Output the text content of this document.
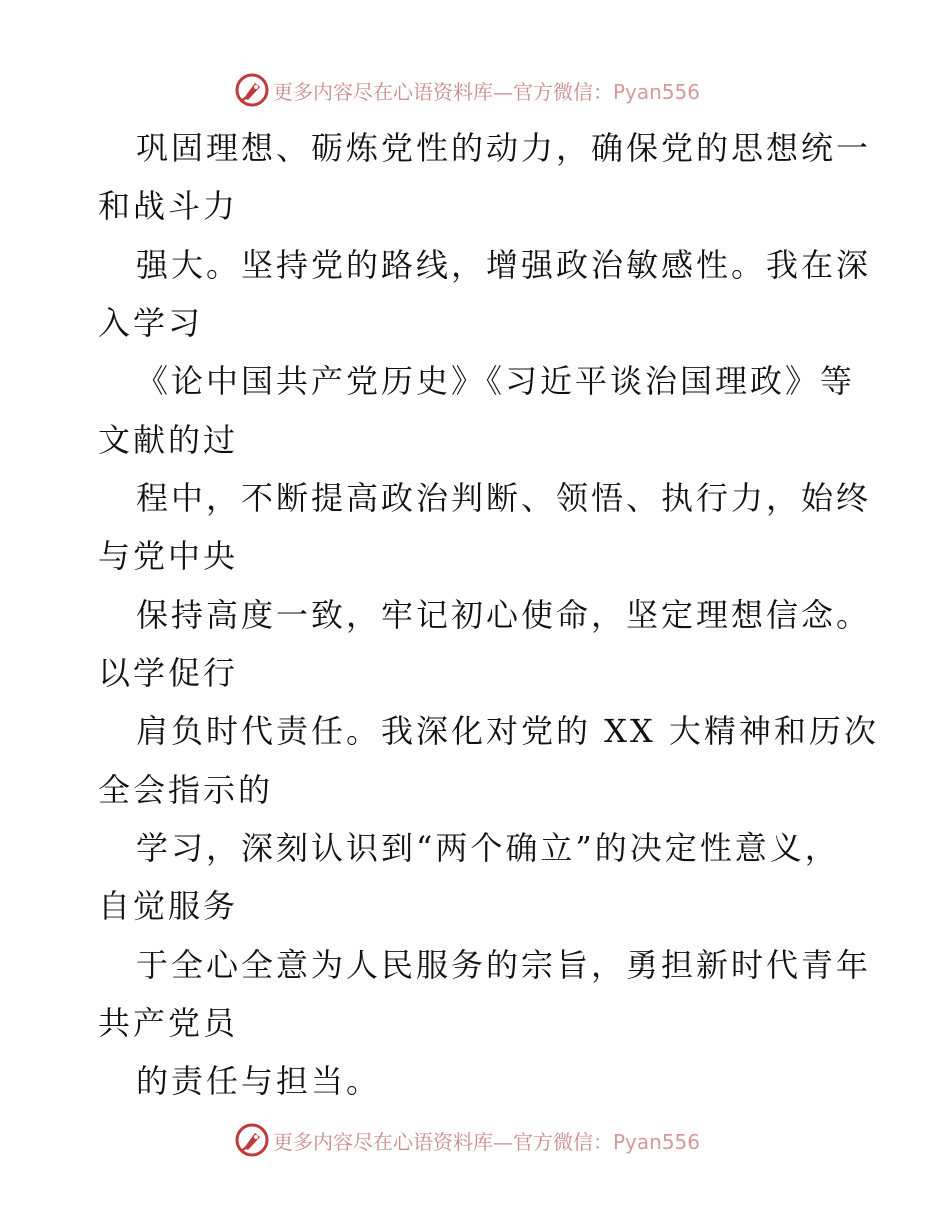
更多内容尽在心语资料库—官方微信：Pyan556
巩固理想、砺炼党性的动力，确保党的思想统一
和战斗力
强大。坚持党的路线，增强政治敏感性。我在深
入学习
《论中国共产党历史》《习近平谈治国理政》等
文献的过
程中，不断提高政治判断、领悟、执行力，始终
与党中央
保持高度一致，牢记初心使命，坚定理想信念。
以学促行
肩负时代责任。我深化对党的 XX 大精神和历次
全会指示的
学习，深刻认识到“两个确立”的决定性意义，
自觉服务
于全心全意为人民服务的宗旨，勇担新时代青年
共产党员
的责任与担当。
更多内容尽在心语资料库—官方微信：Pyan556
